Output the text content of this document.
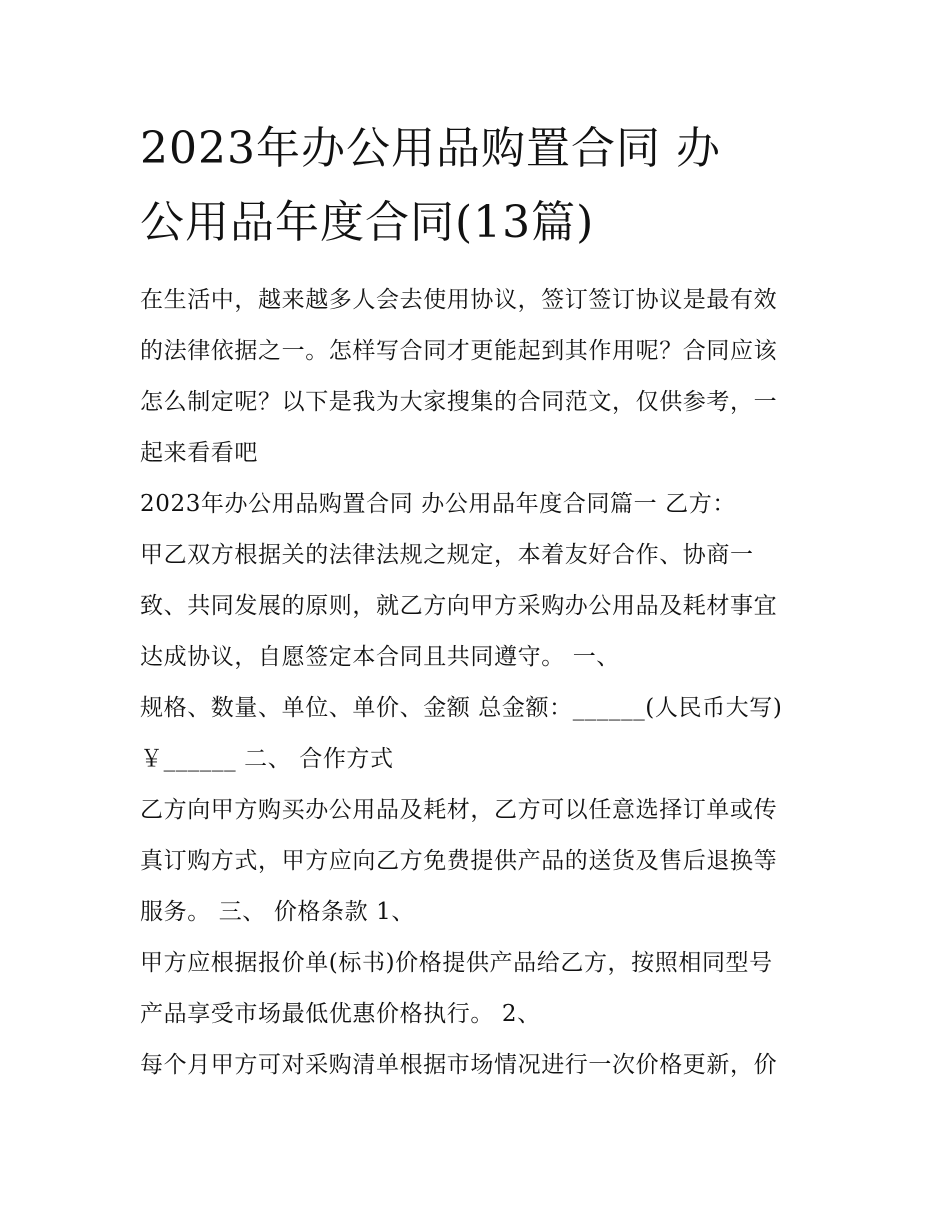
2023年办公用品购置合同 办
公用品年度合同(13篇)
在生活中，越来越多人会去使用协议，签订签订协议是最有效
的法律依据之一。怎样写合同才更能起到其作用呢？合同应该
怎么制定呢？以下是我为大家搜集的合同范文，仅供参考，一
起来看看吧
2023年办公用品购置合同 办公用品年度合同篇一 乙方：
甲乙双方根据关的法律法规之规定，本着友好合作、协商一
致、共同发展的原则，就乙方向甲方采购办公用品及耗材事宜
达成协议，自愿签定本合同且共同遵守。 一、
规格、数量、单位、单价、金额 总金额：______(人民币大写)
￥______ 二、 合作方式
乙方向甲方购买办公用品及耗材，乙方可以任意选择订单或传
真订购方式，甲方应向乙方免费提供产品的送货及售后退换等
服务。 三、 价格条款 1、
甲方应根据报价单(标书)价格提供产品给乙方，按照相同型号
产品享受市场最低优惠价格执行。 2、
每个月甲方可对采购清单根据市场情况进行一次价格更新，价
